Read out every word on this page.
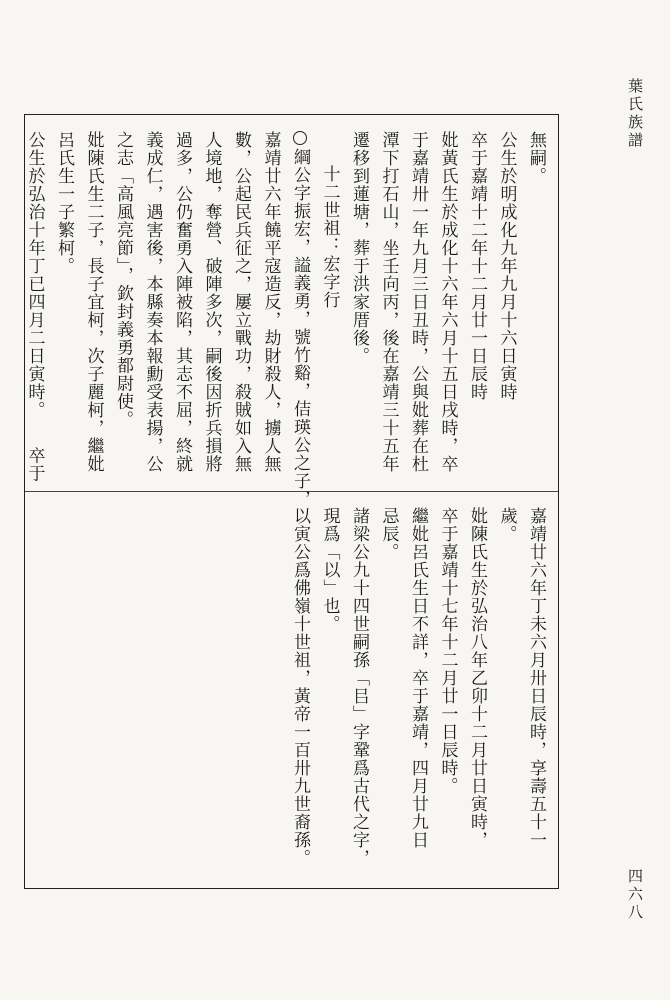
葉氏族譜
無嗣。
公生於明成化九年九月十六日寅時
卒于嘉靖十二年十二月廿一日辰時
妣黃氏生於成化十六年六月十五日戌時，卒
于嘉靖卅一年九月三日丑時，公與妣葬在杜
潭下打石山，坐壬向丙，後在嘉靖三十五年
遷移到蓮塘，葬于洪家厝後。
十二世祖：宏字行
綱公字振宏，謚義勇，號竹谿，佶瑛公之子，
嘉靖廿六年饒平寇造反，劫財殺人，擄人無
數，公起民兵征之，屢立戰功，殺賊如入無
人境地，奪營、破陣多次，嗣後因折兵損將
過多，公仍奮勇入陣被陷，其志不屈，終就
義成仁，遇害後，本縣奏本報勳受表揚，公
之志「高風亮節」，欽封義勇都尉使。
妣陳氏生二子，長子宜柯，次子麗柯，繼妣
呂氏生一子繁柯。
公生於弘治十年丁已四月二日寅時。　　卒于
嘉靖廿六年丁未六月卅日辰時，享壽五十一
歲。
妣陳氏生於弘治八年乙卯十二月廿日寅時，
卒于嘉靖十七年十二月廿一日辰時。
繼妣呂氏生日不詳，卒于嘉靖，四月廿九日
忌辰。
諸梁公九十四世嗣孫「㠯」字鞏爲古代之字，
現爲「以」也。
以寅公爲佛嶺十世祖，黃帝一百卅九世裔孫。
四六八
